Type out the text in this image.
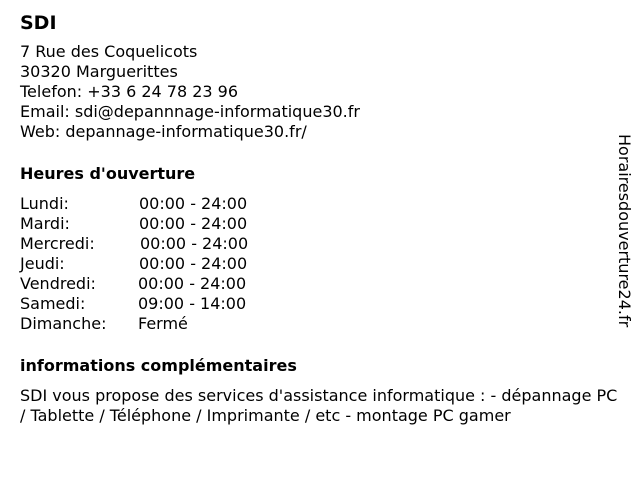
SDI
7 Rue des Coquelicots
30320 Marguerittes
Telefon: +33 6 24 78 23 96
Email: sdi@depannnage-informatique30.fr
Web: depannage-informatique30.fr/
Heures d'ouverture
Lundi:	00:00 - 24:00
Mardi:	00:00 - 24:00
Mercredi:	00:00 - 24:00
Jeudi:	00:00 - 24:00
Vendredi:	00:00 - 24:00
Samedi:	09:00 - 14:00
Dimanche:	Fermé
informations complémentaires
SDI vous propose des services d'assistance informatique : - dépannage PC / Tablette / Téléphone / Imprimante / etc - montage PC gamer
Horairesdouverture24.fr
